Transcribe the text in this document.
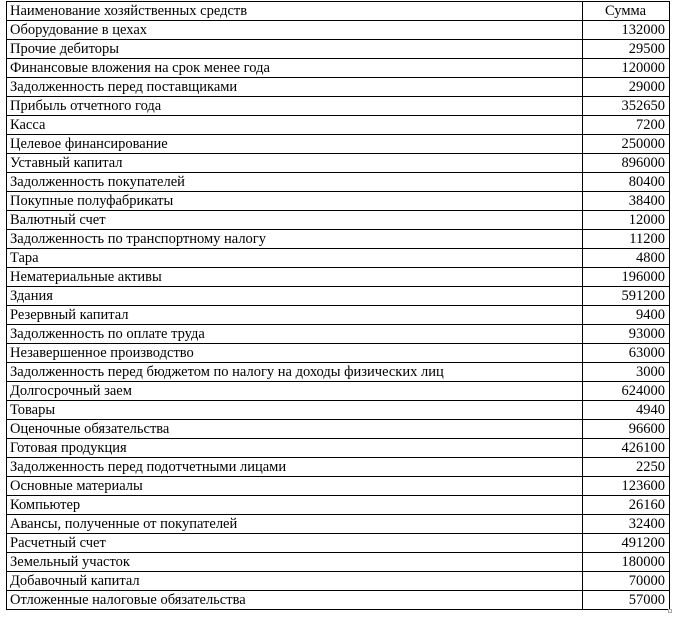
Наименование хозяйственных средств	Сумма
Оборудование в цехах	132000
Прочие дебиторы	29500
Финансовые вложения на срок менее года	120000
Задолженность перед поставщиками	29000
Прибыль отчетного года	352650
Касса	7200
Целевое финансирование	250000
Уставный капитал	896000
Задолженность покупателей	80400
Покупные полуфабрикаты	38400
Валютный счет	12000
Задолженность по транспортному налогу	11200
Тара	4800
Нематериальные активы	196000
Здания	591200
Резервный капитал	9400
Задолженность по оплате труда	93000
Незавершенное производство	63000
Задолженность перед бюджетом по налогу на доходы физических лиц	3000
Долгосрочный заем	624000
Товары	4940
Оценочные обязательства	96600
Готовая продукция	426100
Задолженность перед подотчетными лицами	2250
Основные материалы	123600
Компьютер	26160
Авансы, полученные от покупателей	32400
Расчетный счет	491200
Земельный участок	180000
Добавочный капитал	70000
Отложенные налоговые обязательства	57000
